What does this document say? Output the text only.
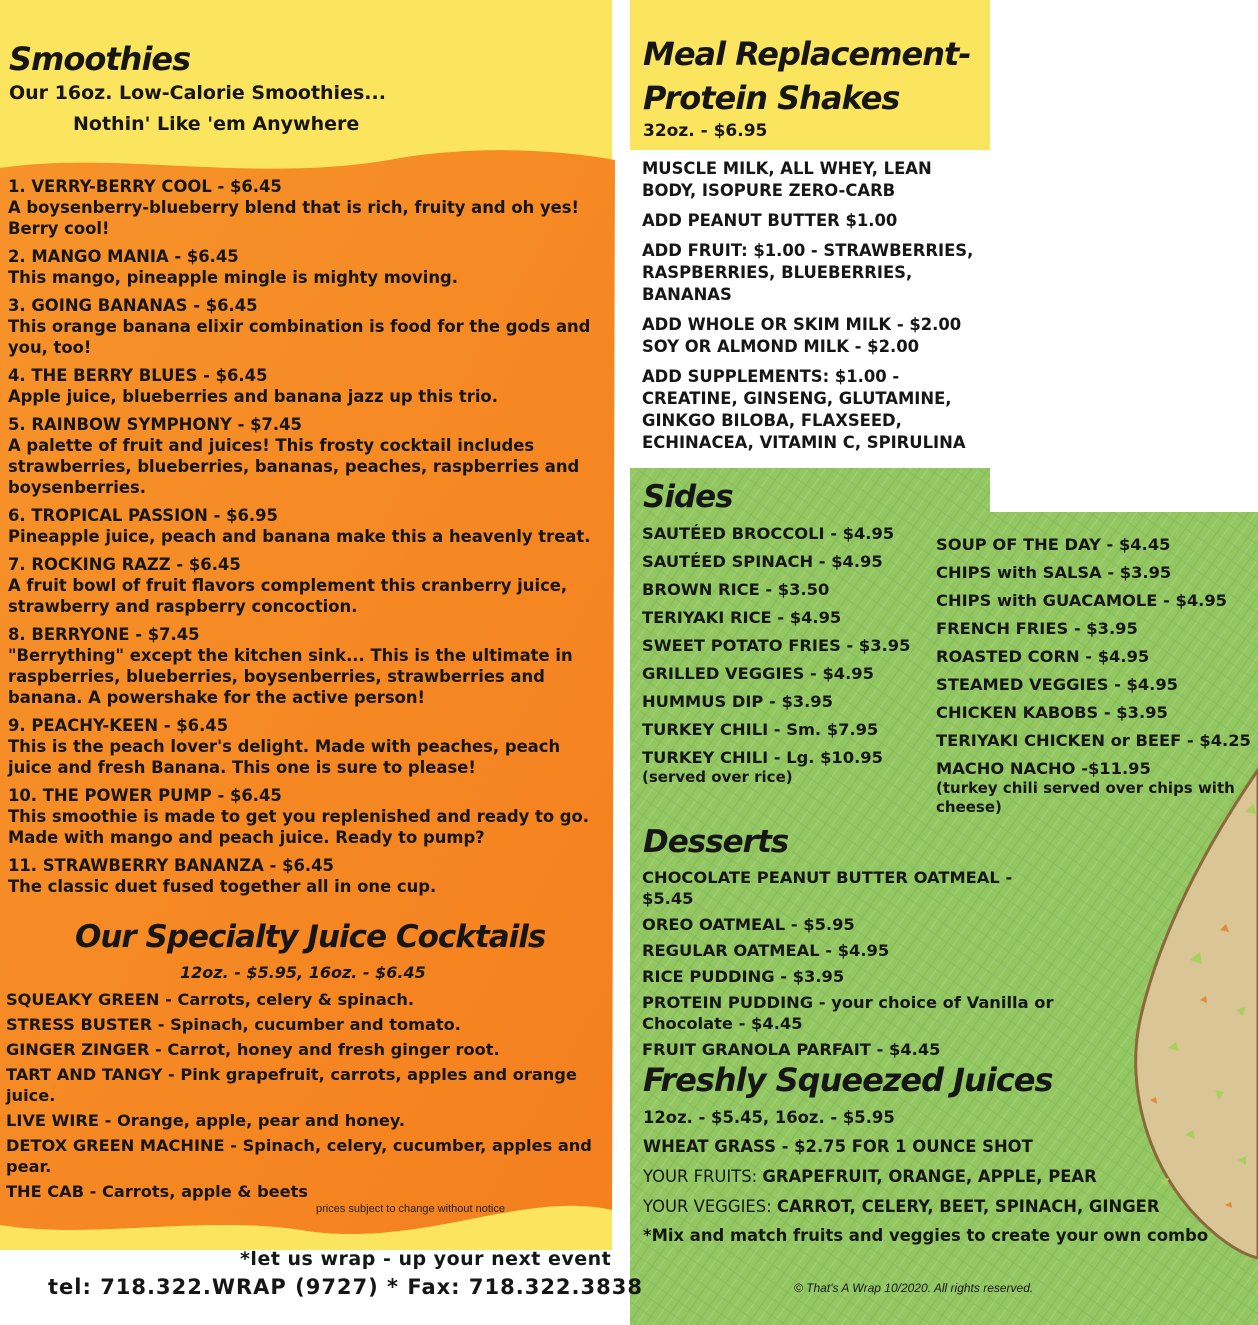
Smoothies
Our 16oz. Low-Calorie Smoothies...
Nothin' Like 'em Anywhere
1. VERRY-BERRY COOL - $6.45
A boysenberry-blueberry blend that is rich, fruity and oh yes! Berry cool!
2. MANGO MANIA - $6.45
This mango, pineapple mingle is mighty moving.
3. GOING BANANAS - $6.45
This orange banana elixir combination is food for the gods and you, too!
4. THE BERRY BLUES - $6.45
Apple juice, blueberries and banana jazz up this trio.
5. RAINBOW SYMPHONY - $7.45
A palette of fruit and juices! This frosty cocktail includes strawberries, blueberries, bananas, peaches, raspberries and boysenberries.
6. TROPICAL PASSION - $6.95
Pineapple juice, peach and banana make this a heavenly treat.
7. ROCKING RAZZ - $6.45
A fruit bowl of fruit flavors complement this cranberry juice, strawberry and raspberry concoction.
8. BERRYONE - $7.45
"Berrything" except the kitchen sink... This is the ultimate in raspberries, blueberries, boysenberries, strawberries and banana. A powershake for the active person!
9. PEACHY-KEEN - $6.45
This is the peach lover's delight. Made with peaches, peach juice and fresh Banana. This one is sure to please!
10. THE POWER PUMP - $6.45
This smoothie is made to get you replenished and ready to go. Made with mango and peach juice. Ready to pump?
11. STRAWBERRY BANANZA - $6.45
The classic duet fused together all in one cup.
Our Specialty Juice Cocktails
12oz. - $5.95, 16oz. - $6.45
SQUEAKY GREEN - Carrots, celery & spinach.
STRESS BUSTER - Spinach, cucumber and tomato.
GINGER ZINGER - Carrot, honey and fresh ginger root.
TART AND TANGY - Pink grapefruit, carrots, apples and orange juice.
LIVE WIRE - Orange, apple, pear and honey.
DETOX GREEN MACHINE - Spinach, celery, cucumber, apples and pear.
THE CAB - Carrots, apple & beets
prices subject to change without notice
*let us wrap - up your next event
tel: 718.322.WRAP (9727) * Fax: 718.322.3838
Meal Replacement-
Protein Shakes
32oz. - $6.95
MUSCLE MILK, ALL WHEY, LEAN BODY, ISOPURE ZERO-CARB
ADD PEANUT BUTTER $1.00
ADD FRUIT: $1.00 - STRAWBERRIES, RASPBERRIES, BLUEBERRIES, BANANAS
ADD WHOLE OR SKIM MILK - $2.00 SOY OR ALMOND MILK - $2.00
ADD SUPPLEMENTS: $1.00 - CREATINE, GINSENG, GLUTAMINE, GINKGO BILOBA, FLAXSEED, ECHINACEA, VITAMIN C, SPIRULINA
Sides
SAUTÉED BROCCOLI - $4.95
SAUTÉED SPINACH - $4.95
BROWN RICE - $3.50
TERIYAKI RICE - $4.95
SWEET POTATO FRIES - $3.95
GRILLED VEGGIES - $4.95
HUMMUS DIP - $3.95
TURKEY CHILI - Sm. $7.95
TURKEY CHILI - Lg. $10.95
(served over rice)
SOUP OF THE DAY - $4.45
CHIPS with SALSA - $3.95
CHIPS with GUACAMOLE - $4.95
FRENCH FRIES - $3.95
ROASTED CORN - $4.95
STEAMED VEGGIES - $4.95
CHICKEN KABOBS - $3.95
TERIYAKI CHICKEN or BEEF - $4.25
MACHO NACHO -$11.95
(turkey chili served over chips with cheese)
Desserts
CHOCOLATE PEANUT BUTTER OATMEAL - $5.45
OREO OATMEAL - $5.95
REGULAR OATMEAL - $4.95
RICE PUDDING - $3.95
PROTEIN PUDDING - your choice of Vanilla or Chocolate - $4.45
FRUIT GRANOLA PARFAIT - $4.45
Freshly Squeezed Juices
12oz. - $5.45, 16oz. - $5.95
WHEAT GRASS - $2.75 FOR 1 OUNCE SHOT
YOUR FRUITS: GRAPEFRUIT, ORANGE, APPLE, PEAR
YOUR VEGGIES: CARROT, CELERY, BEET, SPINACH, GINGER
*Mix and match fruits and veggies to create your own combo
© That's A Wrap 10/2020. All rights reserved.
